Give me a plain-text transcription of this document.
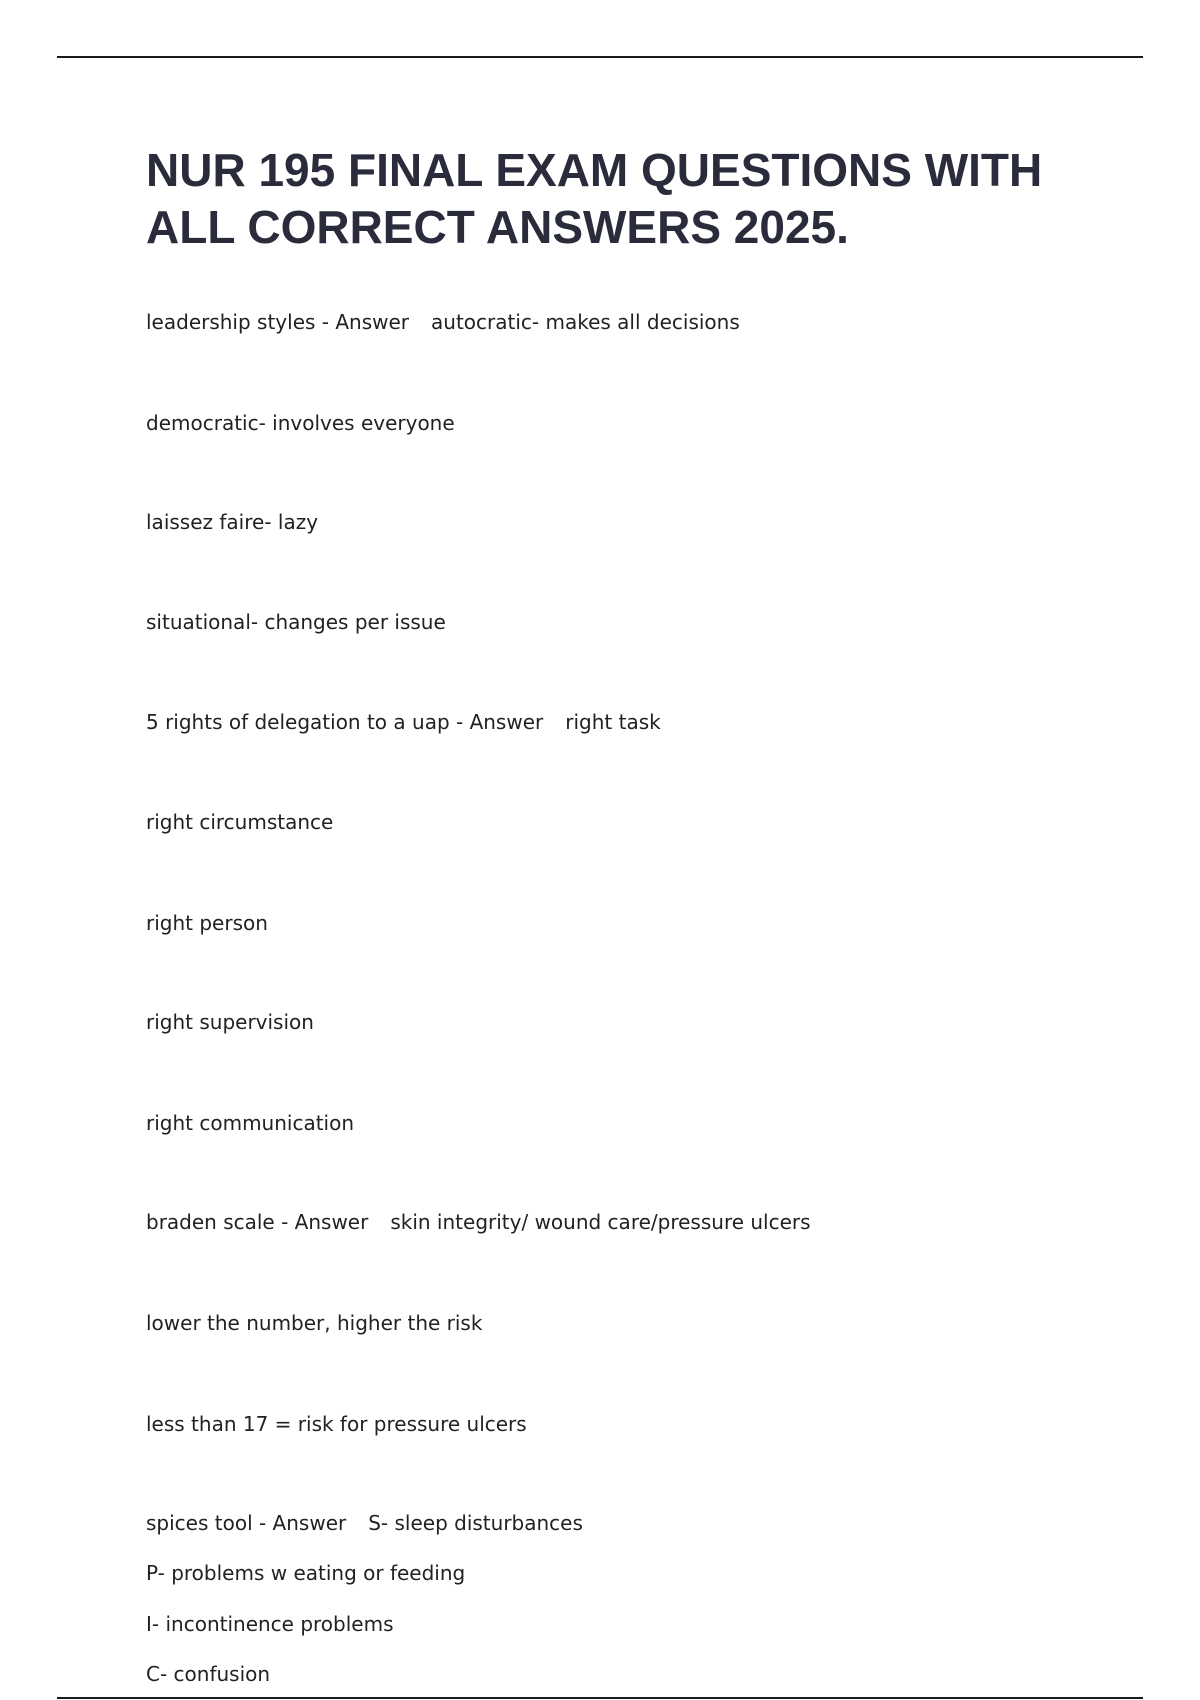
NUR 195 FINAL EXAM QUESTIONS WITH ALL CORRECT ANSWERS 2025.

leadership styles - Answer autocratic- makes all decisions

democratic- involves everyone

laissez faire- lazy

situational- changes per issue

5 rights of delegation to a uap - Answer right task

right circumstance

right person

right supervision

right communication

braden scale - Answer skin integrity/ wound care/pressure ulcers

lower the number, higher the risk

less than 17 = risk for pressure ulcers

spices tool - Answer S- sleep disturbances

P- problems w eating or feeding

I- incontinence problems

C- confusion
